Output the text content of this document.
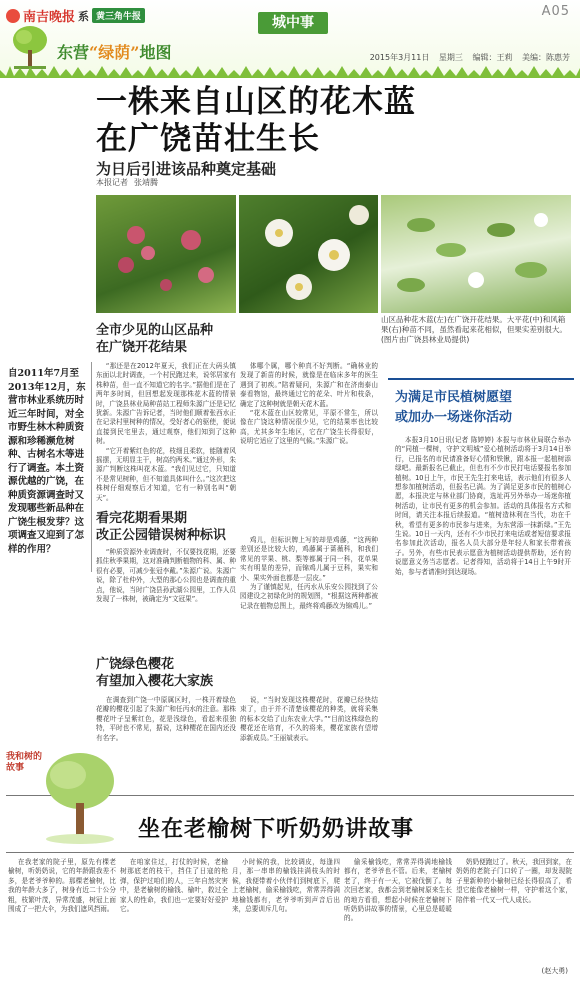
南吉晚报 系 黄三角牛报	城中事
A05
东营“绿荫”地图	2015年3月11日 星期三 编辑：王莉 美编：陈惠芳
一株来自山区的花木蓝
在广饶苗壮生长
为日后引进该品种奠定基础
本报记者 张靖腾
山区品种花木蓝(左)在广饶开花结果。大平花(中)和风箱果(右)种苗不同，虽然看起来花相似，但果实差别很大。(图片由广饶县林业局提供)
自2011年7月至2013年12月，东营市林业系统历时近三年时间，对全市野生林木种质资源和珍稀濒危树种、古树名木等进行了调查。本土资源优越的广饶，在种质资源调查时又发现哪些新品种在广饶生根发芽？这项调查又迎到了怎样的作用？
全市少见的山区品种
在广饶开花结果

“那还是在2012年夏天，我们正在大码头镇东面以北时调查，一个村民跑过来，说邻居家有株种苗，但一直不知道它的名字。”据他们是在了两年多时间，但回想起发现那株花木蓝的情景时，广饶县林业局种苗站工程师朱源广还是记忆犹新。朱源广告诉记者，当时他们顺着张西水正在记录村里树种的情况，受好者心的驱使，便说直接到民宅里去，通过观察，他们知到了这种树。

“它开着紫红色的花，枝细且柔软，能随着风摇摆，无明显主干，树高约两米。”通过外形，朱源广判断这株叫花木蓝。“我们见过它，只知道不是常见树种，但不知道具体叫什么。”这次把这株树仔细观察后才知道，它有一种别名叫“朝天”。

体哪个属，哪个种真不好判断。“确林业的发现了新苗的时候，就像是在临床多年的医生遇到了初疾。”陪着疑问，朱源广和在济南泰山泰看物馆，最终通过它的花朵、叶片和枝条，确定了这种树就是朝天花木蓝。

“花木蓝在山区较常见，平原不常生，所以像在广饶这种情况很少见，它的结果率也比较高，尤其多年生地区，它在广饶生长得很好，说明它适应了这里的气候。”朱源广说。

看完花期看果期
改正公园错误树种标识

“种质资源外业调查时，不仅要找花期，还要抓住秋季果期，这对准确判断植物的科、属、种很有必要，可减少张冠李戴。”朱源广说。朱源广说，除了杜仲外，大型的那心公园也是调查的重点，他说，当时广饶县孙武湖公园里，工作人员发现了一株树，被确定为“文冠果”。

鸡儿，但标识牌上写的却是鸡藤，“这两种差别还是比较大的，鸡藤属于蔷薇科，和我们常见的苹果、桃、梨等都属于同一科，花单果实有明显的差异，而锦鸡儿属于豆科，果实和小、果实外面也都是一层皮。”

为了谨慎起见，任丙水从乐安公园找到了公园建设之初绿化时的规划图，“根据这两种都被记录在植物总图上，最终将鸡藤改为锦鸡儿。”

广饶绿色樱花
有望加入樱花大家族

在调查到广饶一中原属区时，一株开着绿色花瓣的樱花引起了朱源广和任丙水的注意。那株樱花叶子呈紫红色，花是浅绿色，看起来很独特，平时也不常见，据说，这种樱花在国内还没有名字。

说，“当时发现这株樱花时，花瓣已经快结束了，由于并不清楚该樱花的种类，就将采集的标本交给了山东农业大学。”“目前这株绿色的樱花还在培育，不久的将来，樱花家族有望增添新成员。”王丽斌表示。

为满足市民植树愿望
或加办一场迷你活动

本报3月10日讯(记者 陈婷婷) 本报与市林业局联合举办的“同植一棵树，守护文明城”爱心植树活动将于3月14日举行，已报名的市民请准备好心情和铁锹，跟本报一起植树添绿吧。最新报名已截止，但也有不少市民打电话要报名参加植树。10日上午，市民王先生打来电话，表示他们有很多人想参加植树活动，但报名已满。为了满足更多市民的植树心愿，本报决定与林业部门协商，选址再另外举办一场迷你植树活动，让市民有更多的机会参加。活动的具体报名方式和时间，请关注本报后续报道。“植树造林利在当代，功在千秋，希望有更多的市民参与进来，为东营添一抹新绿。”王先生说。10日一天内，还有不少市民打来电话或者短信要求报名参加此次活动，报名人员大部分是年轻人和家长带着孩子。另外，有些市民表示愿意为植树活动提供帮助，还有的说愿意义务当志愿者。记者得知，活动将于14日上午9时开始，参与者请准时到达现场。

我和树的故事
坐在老榆树下听奶奶讲故事

在我老家的院子里，原先有棵老榆树，听奶奶说，它的年龄跟我差不多，是老爷爷种的。那棵老榆树，比我的年龄大多了，树身有近二十公分粗，枝繁叶茂，异常茂盛，树冠上面围成了一把大伞，为我们遮风挡雨。

在咱家住过，打仗的时候，老榆树那底老的枝干，挡住了日寇的枪弹，保护过咱们的人，三年自然灾害中，是老榆树的榆钱、榆叶，救过全家人的性命，我们也一定要好好爱护它。

小时候的我，比较调皮，每逢四月，那一串串的榆钱挂满枝头的时候，我便带着小伙伴们到树底下，爬上老榆树，偷采榆钱吃，常常弄得满地榆钱都有，老爷爷听到声音后出来，总要训斥几句。

偷采榆钱吃，常常弄得满地榆钱都有，老爷爷也不管。后来，老榆树老了，终于有一天，它被伐倒了。每次回老家，我都会到老榆树原来生长的地方看看，想起小时候在老榆树下听奶奶讲故事的情景，心里总是暖暖的。

奶奶便跑过了。秋天，我回到家，在奶奶的老院子门口转了一圈，却发现院子里新种的小榆树已经长得很高了，希望它能像老榆树一样，守护着这个家，陪伴着一代又一代人成长。

(赵大勇)
